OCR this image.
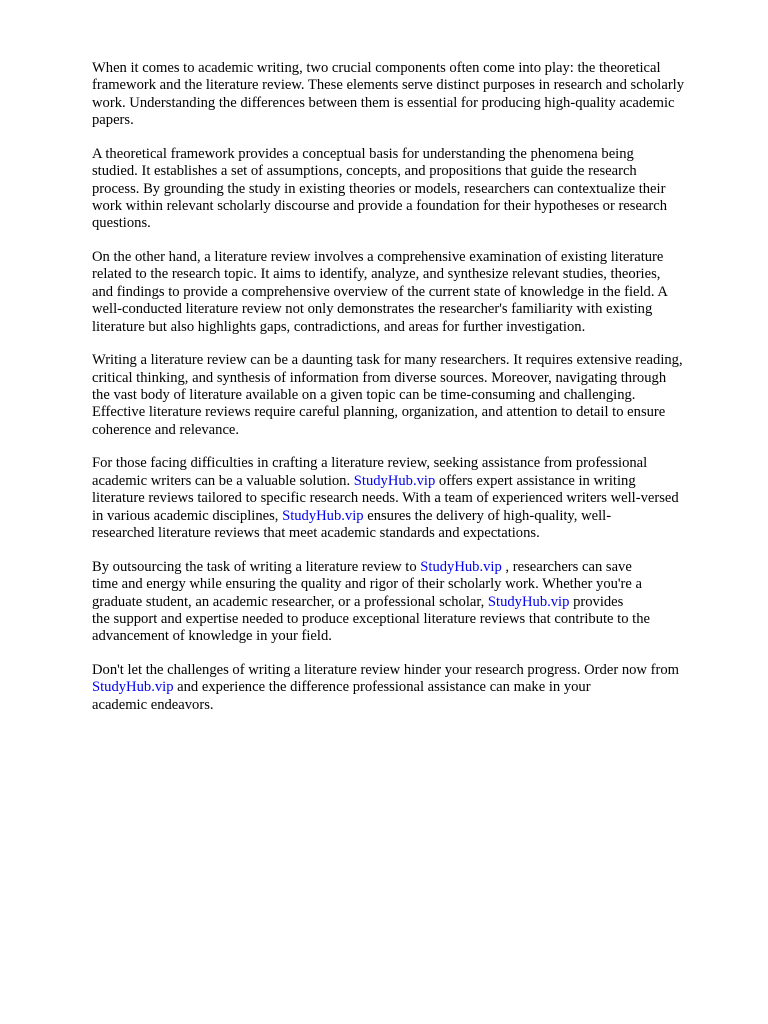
When it comes to academic writing, two crucial components often come into play: the theoretical
framework and the literature review. These elements serve distinct purposes in research and scholarly
work. Understanding the differences between them is essential for producing high-quality academic
papers.

A theoretical framework provides a conceptual basis for understanding the phenomena being
studied. It establishes a set of assumptions, concepts, and propositions that guide the research
process. By grounding the study in existing theories or models, researchers can contextualize their
work within relevant scholarly discourse and provide a foundation for their hypotheses or research
questions.

On the other hand, a literature review involves a comprehensive examination of existing literature
related to the research topic. It aims to identify, analyze, and synthesize relevant studies, theories,
and findings to provide a comprehensive overview of the current state of knowledge in the field. A
well-conducted literature review not only demonstrates the researcher's familiarity with existing
literature but also highlights gaps, contradictions, and areas for further investigation.

Writing a literature review can be a daunting task for many researchers. It requires extensive reading,
critical thinking, and synthesis of information from diverse sources. Moreover, navigating through
the vast body of literature available on a given topic can be time-consuming and challenging.
Effective literature reviews require careful planning, organization, and attention to detail to ensure
coherence and relevance.

For those facing difficulties in crafting a literature review, seeking assistance from professional
academic writers can be a valuable solution. StudyHub.vip offers expert assistance in writing
literature reviews tailored to specific research needs. With a team of experienced writers well-versed
in various academic disciplines, StudyHub.vip ensures the delivery of high-quality, well-
researched literature reviews that meet academic standards and expectations.

By outsourcing the task of writing a literature review to StudyHub.vip , researchers can save
time and energy while ensuring the quality and rigor of their scholarly work. Whether you're a
graduate student, an academic researcher, or a professional scholar, StudyHub.vip provides
the support and expertise needed to produce exceptional literature reviews that contribute to the
advancement of knowledge in your field.

Don't let the challenges of writing a literature review hinder your research progress. Order now from
StudyHub.vip and experience the difference professional assistance can make in your
academic endeavors.
